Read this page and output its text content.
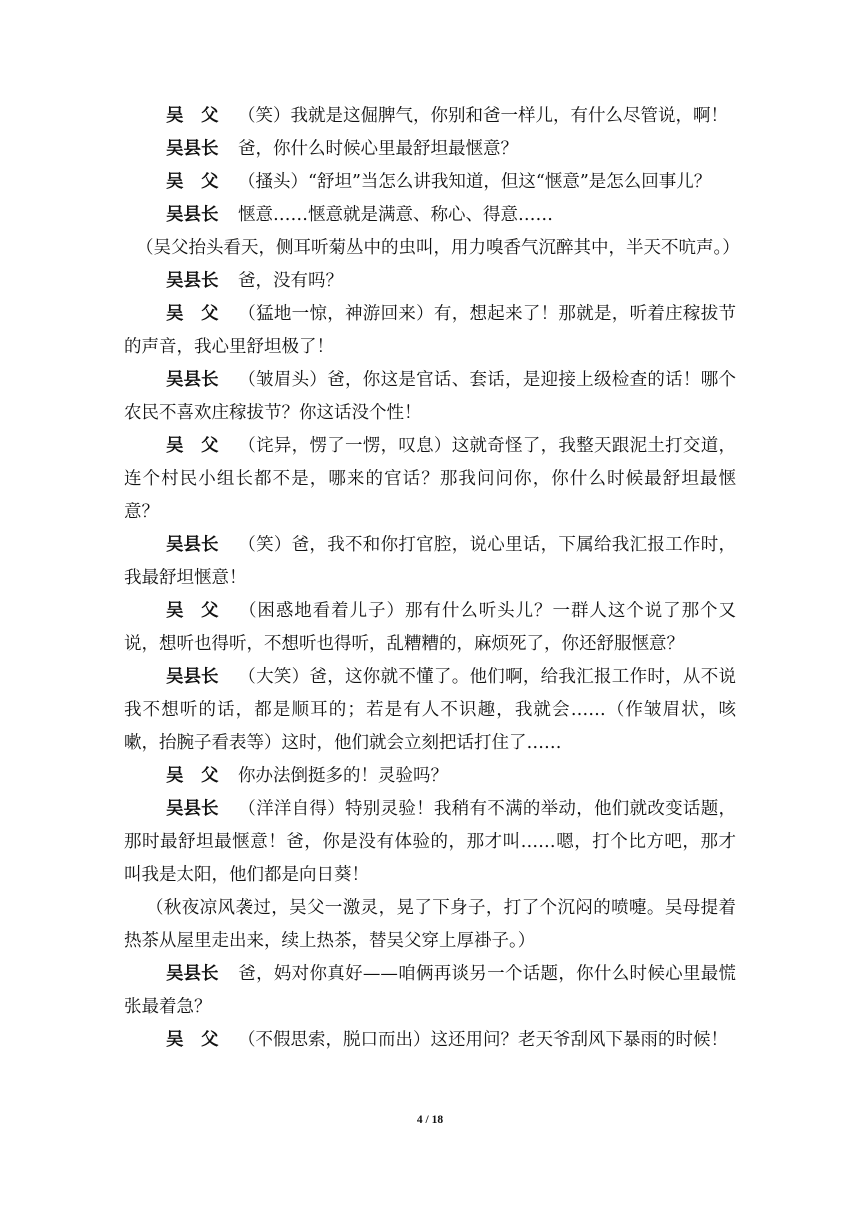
吴　父 （笑）我就是这倔脾气，你别和爸一样儿，有什么尽管说，啊！

吴县长 爸，你什么时候心里最舒坦最惬意？

吴　父 （搔头）“舒坦”当怎么讲我知道，但这“惬意”是怎么回事儿？

吴县长 惬意……惬意就是满意、称心、得意……

（吴父抬头看天，侧耳听菊丛中的虫叫，用力嗅香气沉醉其中，半天不吭声。）

吴县长 爸，没有吗？

吴　父 （猛地一惊，神游回来）有，想起来了！那就是，听着庄稼拔节的声音，我心里舒坦极了！

吴县长 （皱眉头）爸，你这是官话、套话，是迎接上级检查的话！哪个农民不喜欢庄稼拔节？你这话没个性！

吴　父 （诧异，愣了一愣，叹息）这就奇怪了，我整天跟泥土打交道，连个村民小组长都不是，哪来的官话？那我问问你，你什么时候最舒坦最惬意？

吴县长 （笑）爸，我不和你打官腔，说心里话，下属给我汇报工作时，我最舒坦惬意！

吴　父 （困惑地看着儿子）那有什么听头儿？一群人这个说了那个又说，想听也得听，不想听也得听，乱糟糟的，麻烦死了，你还舒服惬意？

吴县长 （大笑）爸，这你就不懂了。他们啊，给我汇报工作时，从不说我不想听的话，都是顺耳的；若是有人不识趣，我就会……（作皱眉状，咳嗽，抬腕子看表等）这时，他们就会立刻把话打住了……

吴　父 你办法倒挺多的！灵验吗？

吴县长 （洋洋自得）特别灵验！我稍有不满的举动，他们就改变话题，那时最舒坦最惬意！爸，你是没有体验的，那才叫……嗯，打个比方吧，那才叫我是太阳，他们都是向日葵！

（秋夜凉风袭过，吴父一激灵，晃了下身子，打了个沉闷的喷嚏。吴母提着热茶从屋里走出来，续上热茶，替吴父穿上厚褂子。）

吴县长 爸，妈对你真好——咱俩再谈另一个话题，你什么时候心里最慌张最着急？

吴　父 （不假思索，脱口而出）这还用问？老天爷刮风下暴雨的时候！

4 / 18
